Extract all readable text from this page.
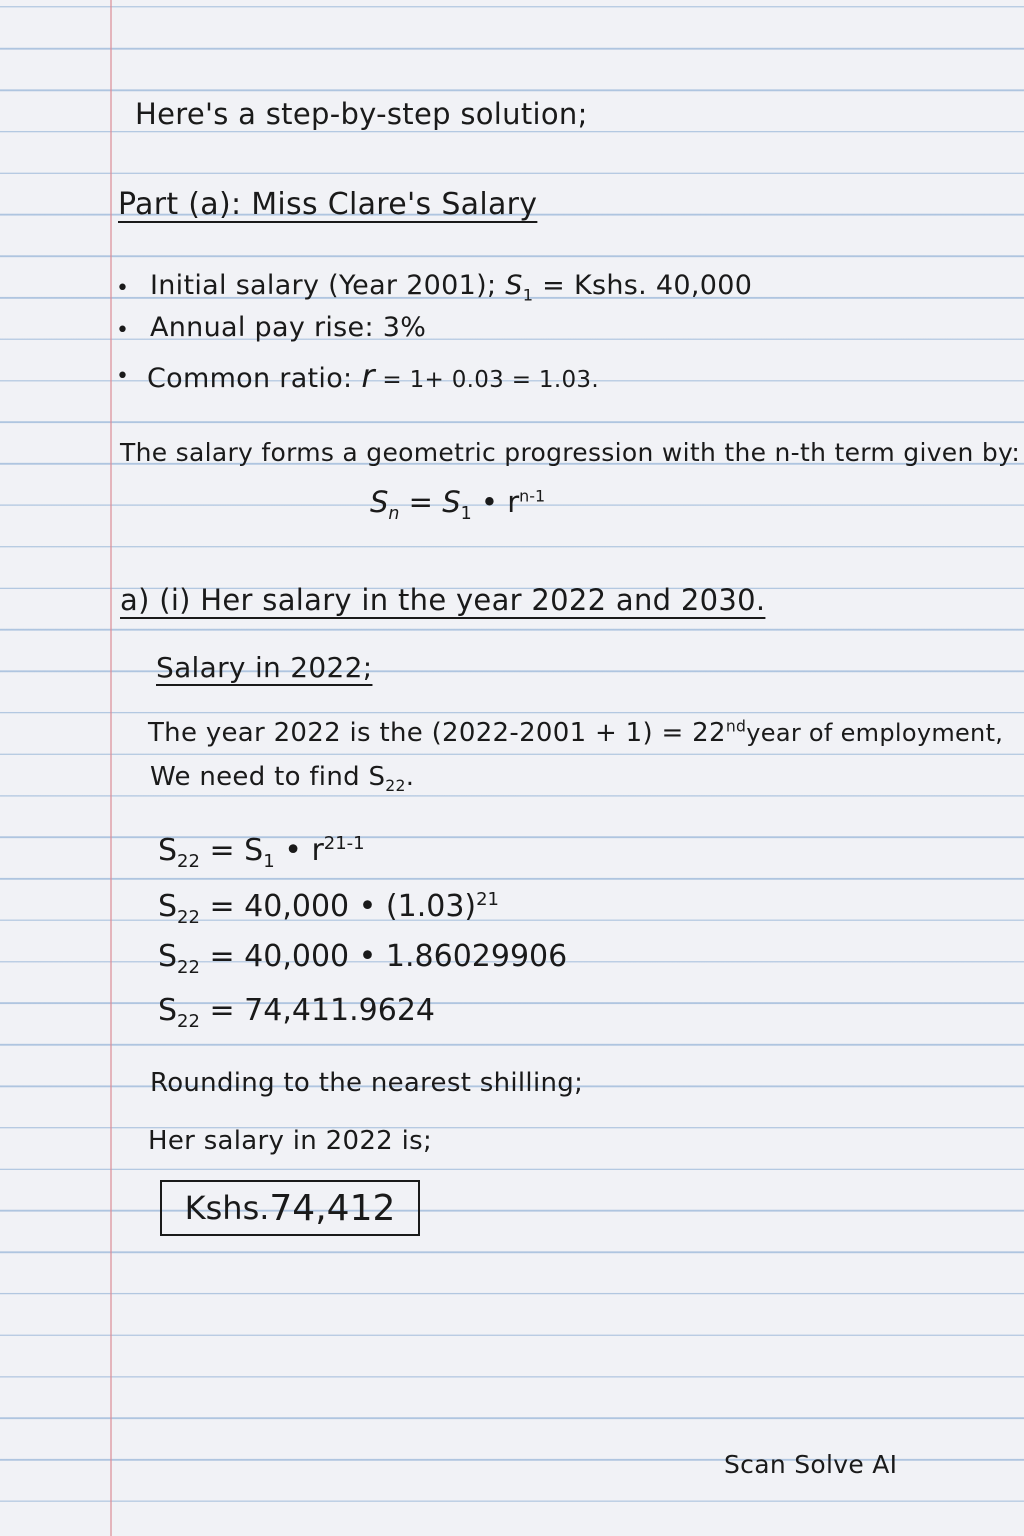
Here's a step-by-step solution;
Part (a): Miss Clare's Salary
• Initial salary (Year 2001); $S_1$ = Kshs. 40,000
• Annual pay rise: 3%
• Common ratio: r = 1+ 0.03 = 1.03.
The salary forms a geometric progression with the n-th term given by:
$S_n = S_1$ • $r^{n-1}$
a) (i) Her salary in the year 2022 and 2030.
Salary in 2022;
The year 2022 is the (2022-2001 + 1) = 22ndyear of employment,
We need to find $S_{22}$.
$S_{22} = S_1$ • $r^{21-1}$
$S_{22} = 40,000$ • $(1.03)^{21}$
$S_{22} = 40,000$ • 1.86029906
$S_{22} = 74,411.9624$
Rounding to the nearest shilling;
Her salary in 2022 is;
Kshs. 74,412
Scan Solve AI
